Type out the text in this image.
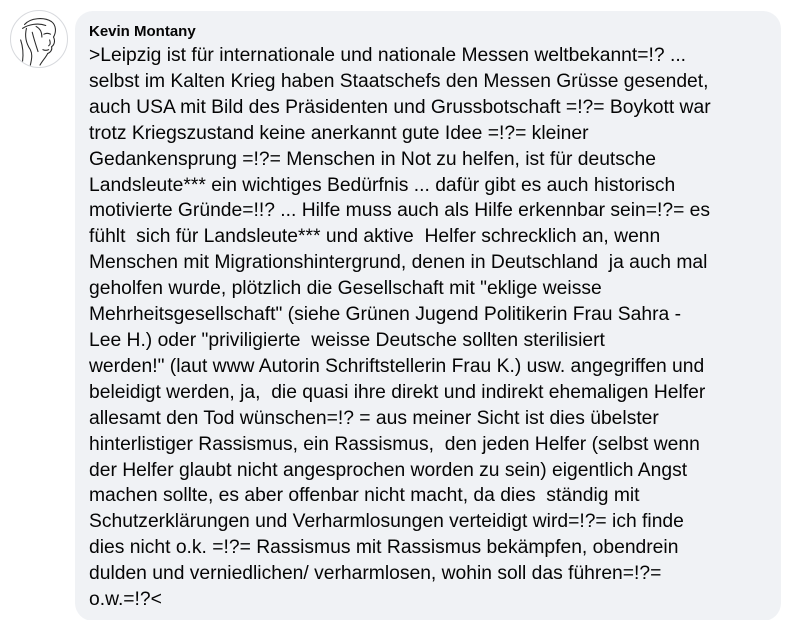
Kevin Montany
>Leipzig ist für internationale und nationale Messen weltbekannt=!? ...
selbst im Kalten Krieg haben Staatschefs den Messen Grüsse gesendet,
auch USA mit Bild des Präsidenten und Grussbotschaft =!?= Boykott war
trotz Kriegszustand keine anerkannt gute Idee =!?= kleiner
Gedankensprung =!?= Menschen in Not zu helfen, ist für deutsche
Landsleute*** ein wichtiges Bedürfnis ... dafür gibt es auch historisch
motivierte Gründe=!!? ... Hilfe muss auch als Hilfe erkennbar sein=!?= es
fühlt  sich für Landsleute*** und aktive  Helfer schrecklich an, wenn
Menschen mit Migrationshintergrund, denen in Deutschland  ja auch mal
geholfen wurde, plötzlich die Gesellschaft mit "eklige weisse
Mehrheitsgesellschaft" (siehe Grünen Jugend Politikerin Frau Sahra -
Lee H.) oder "priviligierte  weisse Deutsche sollten sterilisiert
werden!" (laut www Autorin Schriftstellerin Frau K.) usw. angegriffen und
beleidigt werden, ja,  die quasi ihre direkt und indirekt ehemaligen Helfer
allesamt den Tod wünschen=!? = aus meiner Sicht ist dies übelster
hinterlistiger Rassismus, ein Rassismus,  den jeden Helfer (selbst wenn
der Helfer glaubt nicht angesprochen worden zu sein) eigentlich Angst
machen sollte, es aber offenbar nicht macht, da dies  ständig mit
Schutzerklärungen und Verharmlosungen verteidigt wird=!?= ich finde
dies nicht o.k. =!?= Rassismus mit Rassismus bekämpfen, obendrein
dulden und verniedlichen/ verharmlosen, wohin soll das führen=!?=
o.w.=!?<
